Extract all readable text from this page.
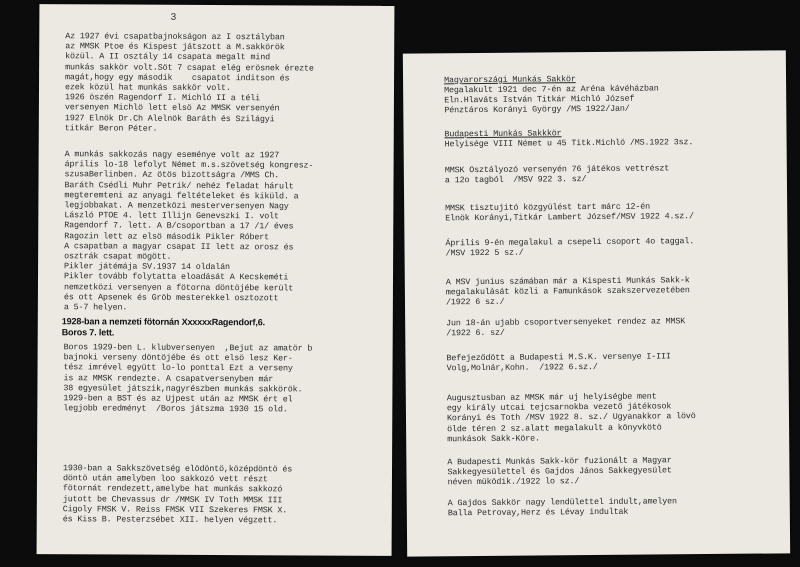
3
Az 1927 évi csapatbajnokságon az I osztályban
az MMSK Ptoe és Kispest játszott a M.sakkörök
közül. A II osztály 14 csapata megalt mind
munkás sakkör volt.Söt 7 csapat elég erösnek érezte
magát,hogy egy második    csapatot inditson és
ezek közül hat munkás sakkör volt.
1926 öszén Ragendorf I. Michló II a téli
versenyen Michlö lett elsö Az MMSK versenyén
1927 Elnök Dr.Ch Alelnök Baráth és Szilágyi
titkár Beron Péter.
A munkás sakkozás nagy eseménye volt az 1927
április lo-18 lefolyt Német m.s.szövetség kongresz-
szusaBerlinben. Az ötös bizottságra /MMS Ch.
Baráth Csédli Muhr Petrik/ nehéz feladat hárult
megteremteni az anyagi feltételeket és kiküld. a
legjobbakat. A menzetközi mesterversenyen Nagy
László PTOE 4. lett Illijn Genevszki I. volt
Ragendorf 7. lett. A B/csoportban a 17 /1/ éves
Ragozin lett az elsö második Pikler Róbert
A csapatban a magyar csapat II lett az orosz és
osztrák csapat mögött.
Pikler játémája SV.1937 14 oldalán
Pikler tovább folytatta eloadását A Kecskeméti
nemzetközi versenyen a fötorna döntöjébe került
és ott Apsenek és Gröb mesterekkel osztozott
a 5-7 helyen.
1928-ban a nemzeti fötornán XxxxxxRagendorf,6.
Boros 7. lett.
Boros 1929-ben L. klubversenyen  ,Bejut az amatör b
bajnoki verseny döntöjébe és ott elsö lesz Ker-
tész imrével együtt lo-lo ponttal Ezt a verseny
is az MMSK rendezte. A csapatversenyben már
38 egyesület játszik,nagyrészben munkás sakkörök.
1929-ben a BST és az Ujpest után az MMSK ért el
legjobb eredményt  /Boros játszma 1930 15 old.
1930-ban a Sakkszövetség elödöntö,középdöntö és
döntö után amelyben loo sakkozó vett részt
fötornát rendezett,amelybe hat munkás sakkozó
jutott be Chevassus dr /MMSK IV Toth MMSK III
Cigoly FMSK V. Reiss FMSK VII Szekeres FMSK X.
és Kiss B. Pesterzsébet XII. helyen végzett.
Magyarországi Munkás Sakkör
Megalakult 1921 dec 7-én az Aréna kávéházban
Eln.Hlaváts István Titkár Michló József
Pénztáros Korányi György /MS 1922/Jan/
Budapesti Munkás Sakkkör
Helyisége VIII Német u 45 Titk.Michló /MS.1922 3sz.
MMSK Osztályozó versenyén 76 játékos vettrészt
a 12o tagból  /MSV 922 3. sz/
MMSK tisztujitó közgyülést tart márc 12-én
Elnök Korányi,Titkár Lambert József/MSV 1922 4.sz./
Április 9-én megalakul a csepeli csoport 4o taggal.
/MSV 1922 5 sz./
A MSV junius számában már a Kispesti Munkás Sakk-k
megalakulását közli a Famunkások szakszervezetében
/1922 6 sz./
Jun 18-án ujabb csoportversenyeket rendez az MMSK
/1922 6. sz/
Befejeződött a Budapesti M.S.K. versenye I-III
Volg,Molnár,Kohn.  /1922 6.sz./
Augusztusban az MMSK már uj helyiségbe ment
egy király utcai tejcsarnokba vezető játékosok
Korányi és Toth /MSV 1922 8. sz./ Ugyanakkor a lövö
ölde téren 2 sz.alatt megalakult a könyvkötö
munkások Sakk-Köre.
A Budapesti Munkás Sakk-kör fuzionált a Magyar
Sakkegyesülettel és Gajdos János Sakkegyesület
néven müködik./1922 lo sz./
A Gajdos Sakkör nagy lendülettel indult,amelyen
Balla Petrovay,Herz és Lévay indultak
